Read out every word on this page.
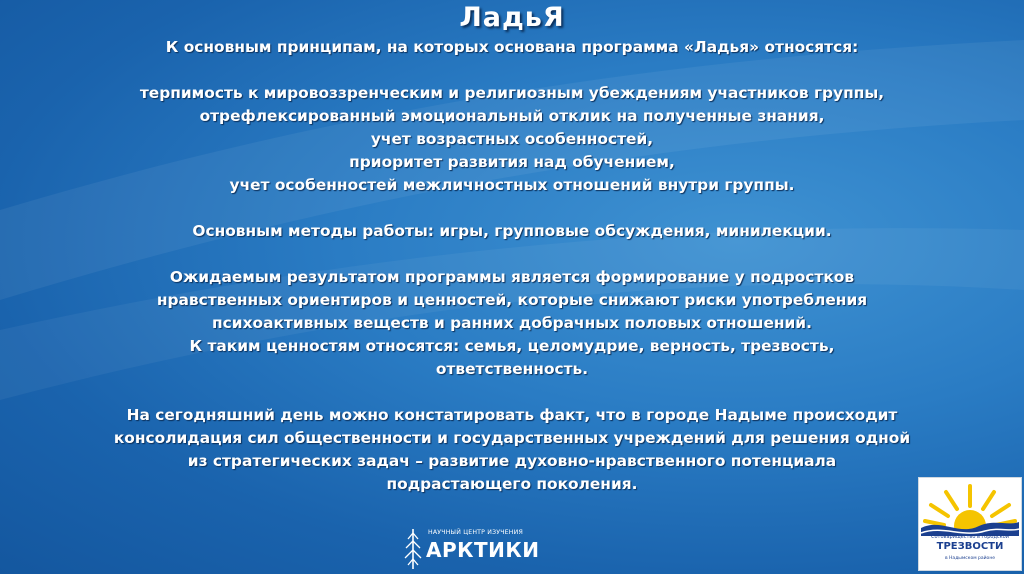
ЛадьЯ

К основным принципам, на которых основана программа «Ладья» относятся:

терпимость к мировоззренческим и религиозным убеждениям участников группы,

отрефлексированный эмоциональный отклик на полученные знания,

учет возрастных особенностей,

приоритет развития над обучением,

учет особенностей межличностных отношений внутри группы.

Основным методы работы: игры, групповые обсуждения, минилекции.

Ожидаемым результатом программы является формирование у подростков

нравственных ориентиров и ценностей, которые снижают риски употребления

психоактивных веществ и ранних добрачных половых отношений.

К таким ценностям относятся: семья, целомудрие, верность, трезвость,

ответственность.

На сегодняшний день можно констатировать факт, что в городе Надыме происходит

консолидация сил общественности и государственных учреждений для решения одной

из стратегических задач – развитие духовно-нравственного потенциала

подрастающего поколения.

НАУЧНЫЙ ЦЕНТР ИЗУЧЕНИЯ
АРКТИКИ
Сотоварищество в городской
ТРЕЗВОСТИ
в Надымском районе
